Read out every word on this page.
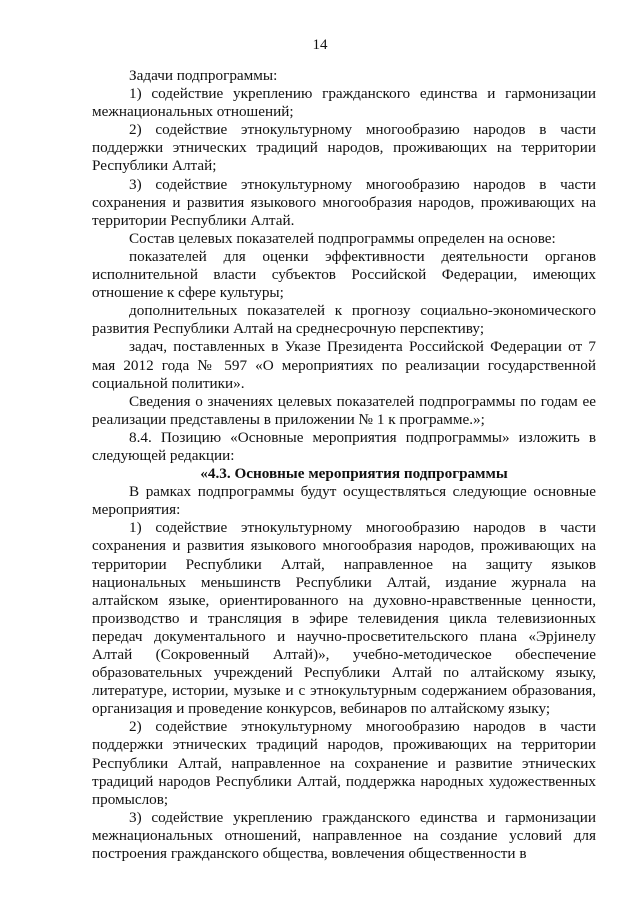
14

Задачи подпрограммы:

1) содействие укреплению гражданского единства и гармонизации межнациональных отношений;

2) содействие этнокультурному многообразию народов в части поддержки этнических традиций народов, проживающих на территории Республики Алтай;

3) содействие этнокультурному многообразию народов в части сохранения и развития языкового многообразия народов, проживающих на территории Республики Алтай.

Состав целевых показателей подпрограммы определен на основе:

показателей для оценки эффективности деятельности органов исполнительной власти субъектов Российской Федерации, имеющих отношение к сфере культуры;

дополнительных показателей к прогнозу социально-экономического развития Республики Алтай на среднесрочную перспективу;

задач, поставленных в Указе Президента Российской Федерации от 7 мая 2012 года № 597 «О мероприятиях по реализации государственной социальной политики».

Сведения о значениях целевых показателей подпрограммы по годам ее реализации представлены в приложении № 1 к программе.»;

8.4. Позицию «Основные мероприятия подпрограммы» изложить в следующей редакции:

«4.3. Основные мероприятия подпрограммы

В рамках подпрограммы будут осуществляться следующие основные мероприятия:

1) содействие этнокультурному многообразию народов в части сохранения и развития языкового многообразия народов, проживающих на территории Республики Алтай, направленное на защиту языков национальных меньшинств Республики Алтай, издание журнала на алтайском языке, ориентированного на духовно-нравственные ценности, производство и трансляция в эфире телевидения цикла телевизионных передач документального и научно-просветительского плана «Эрјинелу Алтай (Сокровенный Алтай)», учебно-методическое обеспечение образовательных учреждений Республики Алтай по алтайскому языку, литературе, истории, музыке и с этнокультурным содержанием образования, организация и проведение конкурсов, вебинаров по алтайскому языку;

2) содействие этнокультурному многообразию народов в части поддержки этнических традиций народов, проживающих на территории Республики Алтай, направленное на сохранение и развитие этнических традиций народов Республики Алтай, поддержка народных художественных промыслов;

3) содействие укреплению гражданского единства и гармонизации межнациональных отношений, направленное на создание условий для построения гражданского общества, вовлечения общественности в
